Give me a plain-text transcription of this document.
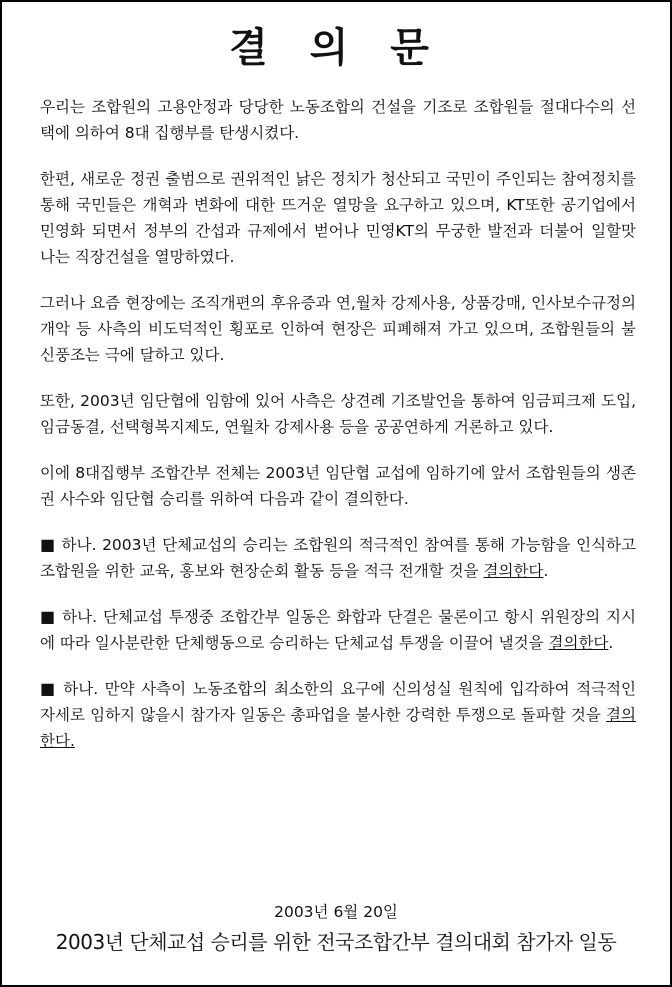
결 의 문

우리는 조합원의 고용안정과 당당한 노동조합의 건설을 기조로 조합원들 절대다수의 선택에 의하여 8대 집행부를 탄생시켰다.

한편, 새로운 정권 출범으로 권위적인 낡은 정치가 청산되고 국민이 주인되는 참여정치를 통해 국민들은 개혁과 변화에 대한 뜨거운 열망을 요구하고 있으며, KT또한 공기업에서 민영화 되면서 정부의 간섭과 규제에서 벋어나 민영KT의 무궁한 발전과 더불어 일할맛 나는 직장건설을 열망하였다.

그러나 요즘 현장에는 조직개편의 후유증과 연,월차 강제사용, 상품강매, 인사보수규정의 개악 등 사측의 비도덕적인 횡포로 인하여 현장은 피폐해져 가고 있으며, 조합원들의 불신풍조는 극에 달하고 있다.

또한, 2003년 임단협에 임함에 있어 사측은 상견례 기조발언을 통하여 임금피크제 도입, 임금동결, 선택형복지제도, 연월차 강제사용 등을 공공연하게 거론하고 있다.

이에 8대집행부 조합간부 전체는 2003년 임단협 교섭에 임하기에 앞서 조합원들의 생존권 사수와 임단협 승리를 위하여 다음과 같이 결의한다.

■ 하나. 2003년 단체교섭의 승리는 조합원의 적극적인 참여를 통해 가능함을 인식하고 조합원을 위한 교육, 홍보와 현장순회 활동 등을 적극 전개할 것을 결의한다.

■ 하나. 단체교섭 투쟁중 조합간부 일동은 화합과 단결은 물론이고 항시 위원장의 지시에 따라 일사분란한 단체행동으로 승리하는 단체교섭 투쟁을 이끌어 낼것을 결의한다.

■ 하나. 만약 사측이 노동조합의 최소한의 요구에 신의성실 원칙에 입각하여 적극적인 자세로 임하지 않을시 참가자 일동은 총파업을 불사한 강력한 투쟁으로 돌파할 것을 결의한다.

2003년 6월 20일
2003년 단체교섭 승리를 위한 전국조합간부 결의대회 참가자 일동
